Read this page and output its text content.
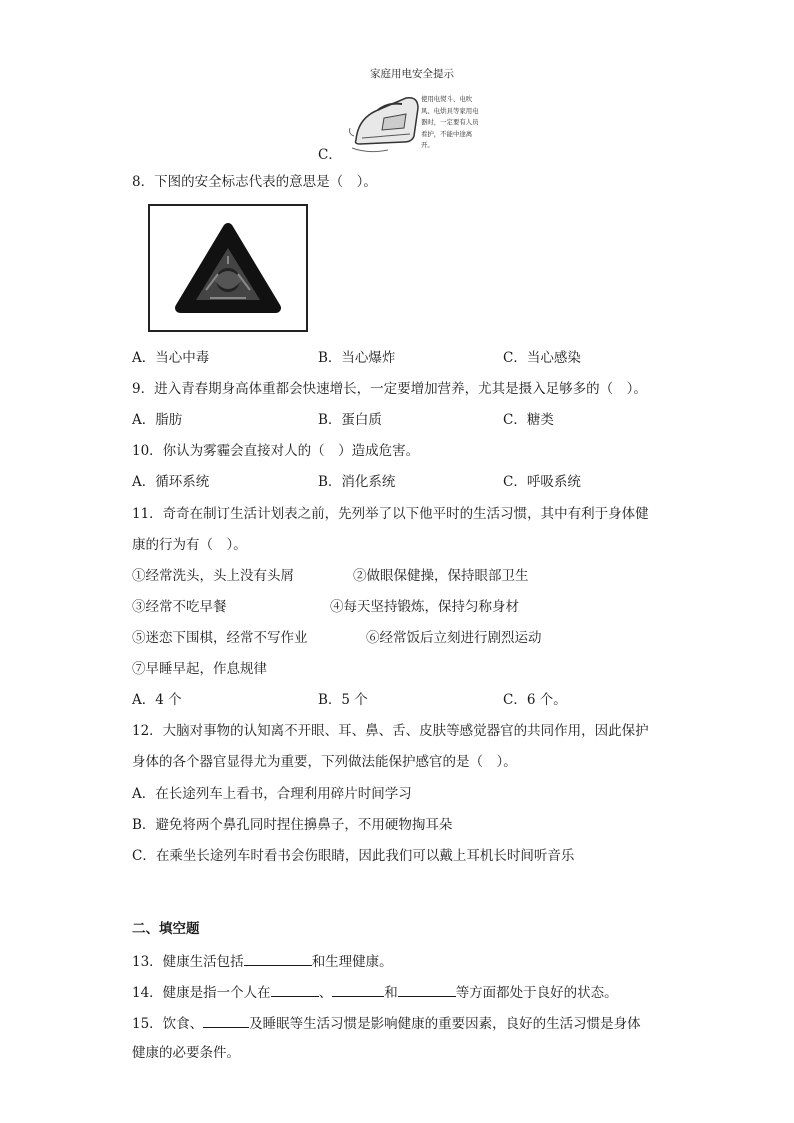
家庭用电安全提示
使用电熨斗、电吹风、电烘具等家用电器时，一定要有人员看护，不能中途离开。
C．
8．下图的安全标志代表的意思是（　）。
A．当心中毒	B．当心爆炸	C．当心感染
9．进入青春期身高体重都会快速增长，一定要增加营养，尤其是摄入足够多的（　）。
A．脂肪	B．蛋白质	C．糖类
10．你认为雾霾会直接对人的（　）造成危害。
A．循环系统	B．消化系统	C．呼吸系统
11．奇奇在制订生活计划表之前，先列举了以下他平时的生活习惯，其中有利于身体健
康的行为有（　）。
①经常洗头，头上没有头屑	②做眼保健操，保持眼部卫生
③经常不吃早餐	④每天坚持锻炼，保持匀称身材
⑤迷恋下围棋，经常不写作业	⑥经常饭后立刻进行剧烈运动
⑦早睡早起，作息规律
A．4 个	B．5 个	C．6 个。
12．大脑对事物的认知离不开眼、耳、鼻、舌、皮肤等感觉器官的共同作用，因此保护
身体的各个器官显得尤为重要，下列做法能保护感官的是（　）。
A．在长途列车上看书，合理利用碎片时间学习
B．避免将两个鼻孔同时捏住擤鼻子，不用硬物掏耳朵
C．在乘坐长途列车时看书会伤眼睛，因此我们可以戴上耳机长时间听音乐
二、填空题
13．健康生活包括	和生理健康。
14．健康是指一个人在	、	和	等方面都处于良好的状态。
15．饮食、	及睡眠等生活习惯是影响健康的重要因素，良好的生活习惯是身体
健康的必要条件。
